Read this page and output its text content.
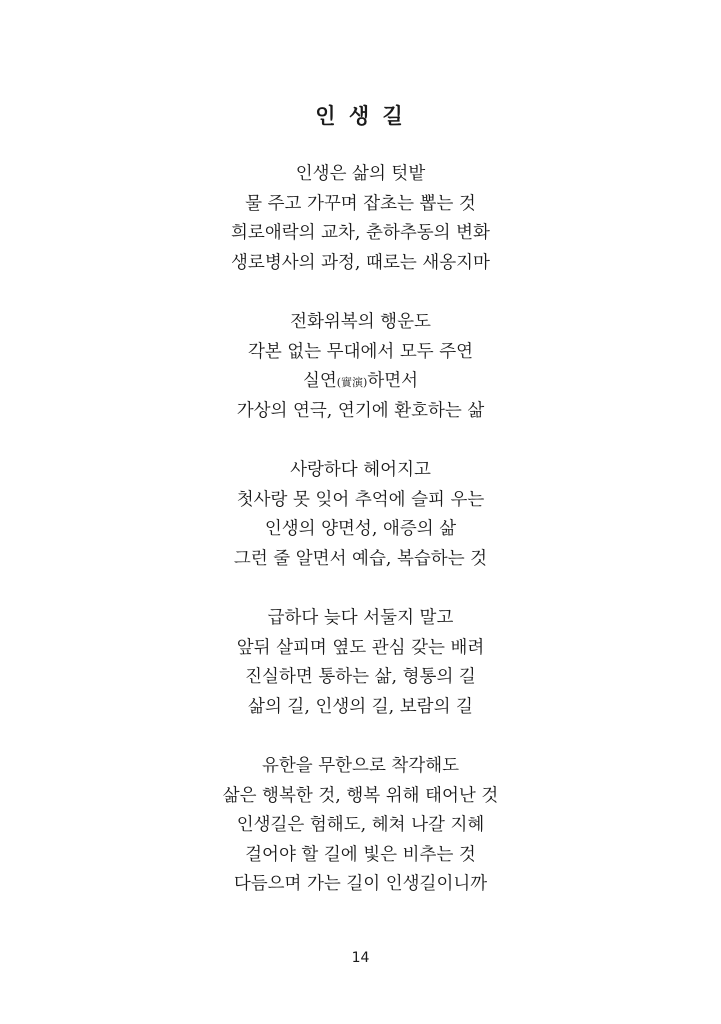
인 생 길
인생은 삶의 텃밭
물 주고 가꾸며 잡초는 뽑는 것
희로애락의 교차, 춘하추동의 변화
생로병사의 과정, 때로는 새옹지마
전화위복의 행운도
각본 없는 무대에서 모두 주연
실연(實演)하면서
가상의 연극, 연기에 환호하는 삶
사랑하다 헤어지고
첫사랑 못 잊어 추억에 슬피 우는
인생의 양면성, 애증의 삶
그런 줄 알면서 예습, 복습하는 것
급하다 늦다 서둘지 말고
앞뒤 살피며 옆도 관심 갖는 배려
진실하면 통하는 삶, 형통의 길
삶의 길, 인생의 길, 보람의 길
유한을 무한으로 착각해도
삶은 행복한 것, 행복 위해 태어난 것
인생길은 험해도, 헤쳐 나갈 지혜
걸어야 할 길에 빛은 비추는 것
다듬으며 가는 길이 인생길이니까
14
